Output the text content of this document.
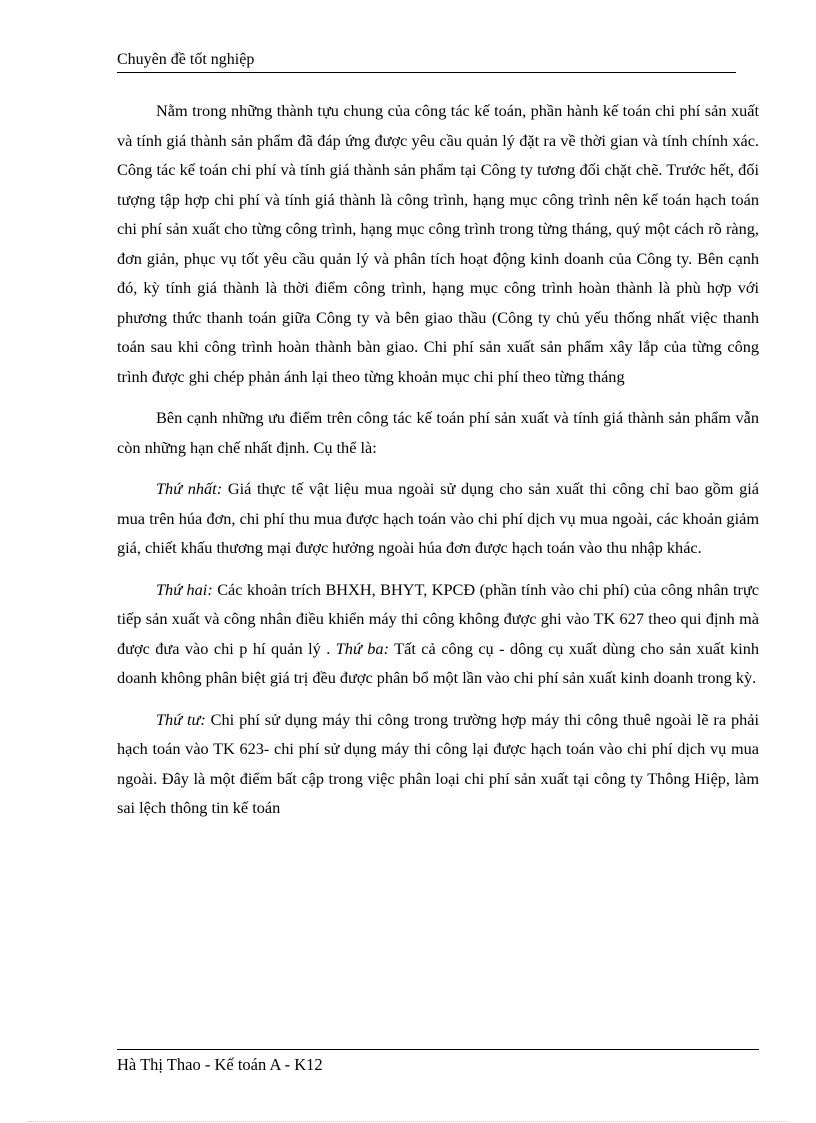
Chuyên đề tốt nghiệp

Nằm trong những thành tựu chung của công tác kế toán, phần hành kế toán chi phí sản xuất và tính giá thành sản phẩm đã đáp ứng được yêu cầu quản lý đặt ra về thời gian và tính chính xác. Công tác kế toán chi phí và tính giá thành sản phẩm tại Công ty tương đối chặt chẽ. Trước hết, đối tượng tập hợp chi phí và tính giá thành là công trình, hạng mục công trình nên kế toán hạch toán chi phí sản xuất cho từng công trình, hạng mục công trình trong từng tháng, quý một cách rõ ràng, đơn giản, phục vụ tốt yêu cầu quản lý và phân tích hoạt động kinh doanh của Công ty. Bên cạnh đó, kỳ tính giá thành là thời điểm công trình, hạng mục công trình hoàn thành là phù hợp với phương thức thanh toán giữa Công ty và bên giao thầu (Công ty chủ yếu thống nhất việc thanh toán sau khi công trình hoàn thành bàn giao. Chi phí sản xuất sản phẩm xây lắp của từng công trình được ghi chép phản ánh lại theo từng khoản mục chi phí theo từng tháng

Bên cạnh những ưu điểm trên công tác kế toán phí sản xuất và tính giá thành sản phẩm vẫn còn những hạn chế nhất định. Cụ thể là:

Thứ nhất: Giá thực tế vật liệu mua ngoài sử dụng cho sản xuất thi công chỉ bao gồm giá mua trên húa đơn, chi phí thu mua được hạch toán vào chi phí dịch vụ mua ngoài, các khoản giảm giá, chiết khấu thương mại được hưởng ngoài húa đơn được hạch toán vào thu nhập khác.

Thứ hai: Các khoản trích BHXH, BHYT, KPCĐ (phần tính vào chi phí) của công nhân trực tiếp sản xuất và công nhân điều khiển máy thi công không được ghi vào TK 627 theo qui định mà được đưa vào chi p hí quản lý . Thứ ba: Tất cả công cụ - dông cụ xuất dùng cho sản xuất kinh doanh không phân biệt giá trị đều được phân bổ một lần vào chi phí sản xuất kinh doanh trong kỳ.

Thứ tư: Chi phí sử dụng máy thi công trong trường hợp máy thi công thuê ngoài lẽ ra phải hạch toán vào TK 623- chi phí sử dụng máy thi công lại được hạch toán vào chi phí dịch vụ mua ngoài. Đây là một điểm bất cập trong việc phân loại chi phí sản xuất tại công ty Thông Hiệp, làm sai lệch thông tin kế toán

Hà Thị Thao - Kế toán A - K12
